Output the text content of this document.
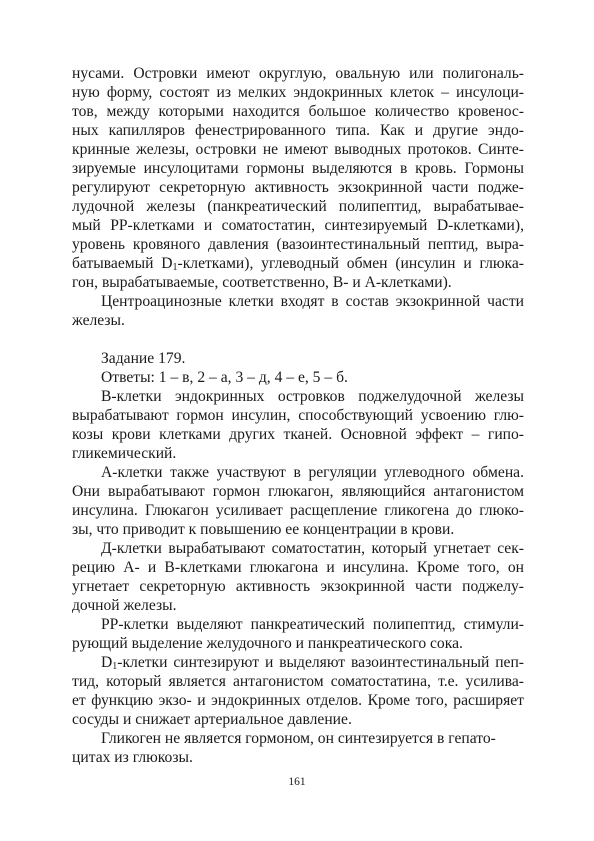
нусами. Островки имеют округлую, овальную или полигональ-

ную форму, состоят из мелких эндокринных клеток – инсулоци-

тов, между которыми находится большое количество кровенос-

ных капилляров фенестрированного типа. Как и другие эндо-

кринные железы, островки не имеют выводных протоков. Синте-

зируемые инсулоцитами гормоны выделяются в кровь. Гормоны

регулируют секреторную активность экзокринной части подже-

лудочной железы (панкреатический полипептид, вырабатывае-

мый PP-клетками и соматостатин, синтезируемый D-клетками),

уровень кровяного давления (вазоинтестинальный пептид, выра-

батываемый $D_1-клетками$), углеводный обмен (инсулин и глюка-

гон, вырабатываемые, соответственно, B- и A-клетками).

Центроацинозные клетки входят в состав экзокринной части

железы.

Задание 179.

Ответы: 1 – в, 2 – а, 3 – д, 4 – е, 5 – б.

B-клетки эндокринных островков поджелудочной железы

вырабатывают гормон инсулин, способствующий усвоению глю-

козы крови клетками других тканей. Основной эффект – гипо-

гликемический.

А-клетки также участвуют в регуляции углеводного обмена.

Они вырабатывают гормон глюкагон, являющийся антагонистом

инсулина. Глюкагон усиливает расщепление гликогена до глюко-

зы, что приводит к повышению ее концентрации в крови.

Д-клетки вырабатывают соматостатин, который угнетает сек-

рецию А- и В-клетками глюкагона и инсулина. Кроме того, он

угнетает секреторную активность экзокринной части поджелу-

дочной железы.

PP-клетки выделяют панкреатический полипептид, стимули-

рующий выделение желудочного и панкреатического сока.

$D_1$-клетки синтезируют и выделяют вазоинтестинальный пеп-

тид, который является антагонистом соматостатина, т.е. усилива-

ет функцию экзо- и эндокринных отделов. Кроме того, расширяет

сосуды и снижает артериальное давление.

Гликоген не является гормоном, он синтезируется в гепато-

цитах из глюкозы.

161
